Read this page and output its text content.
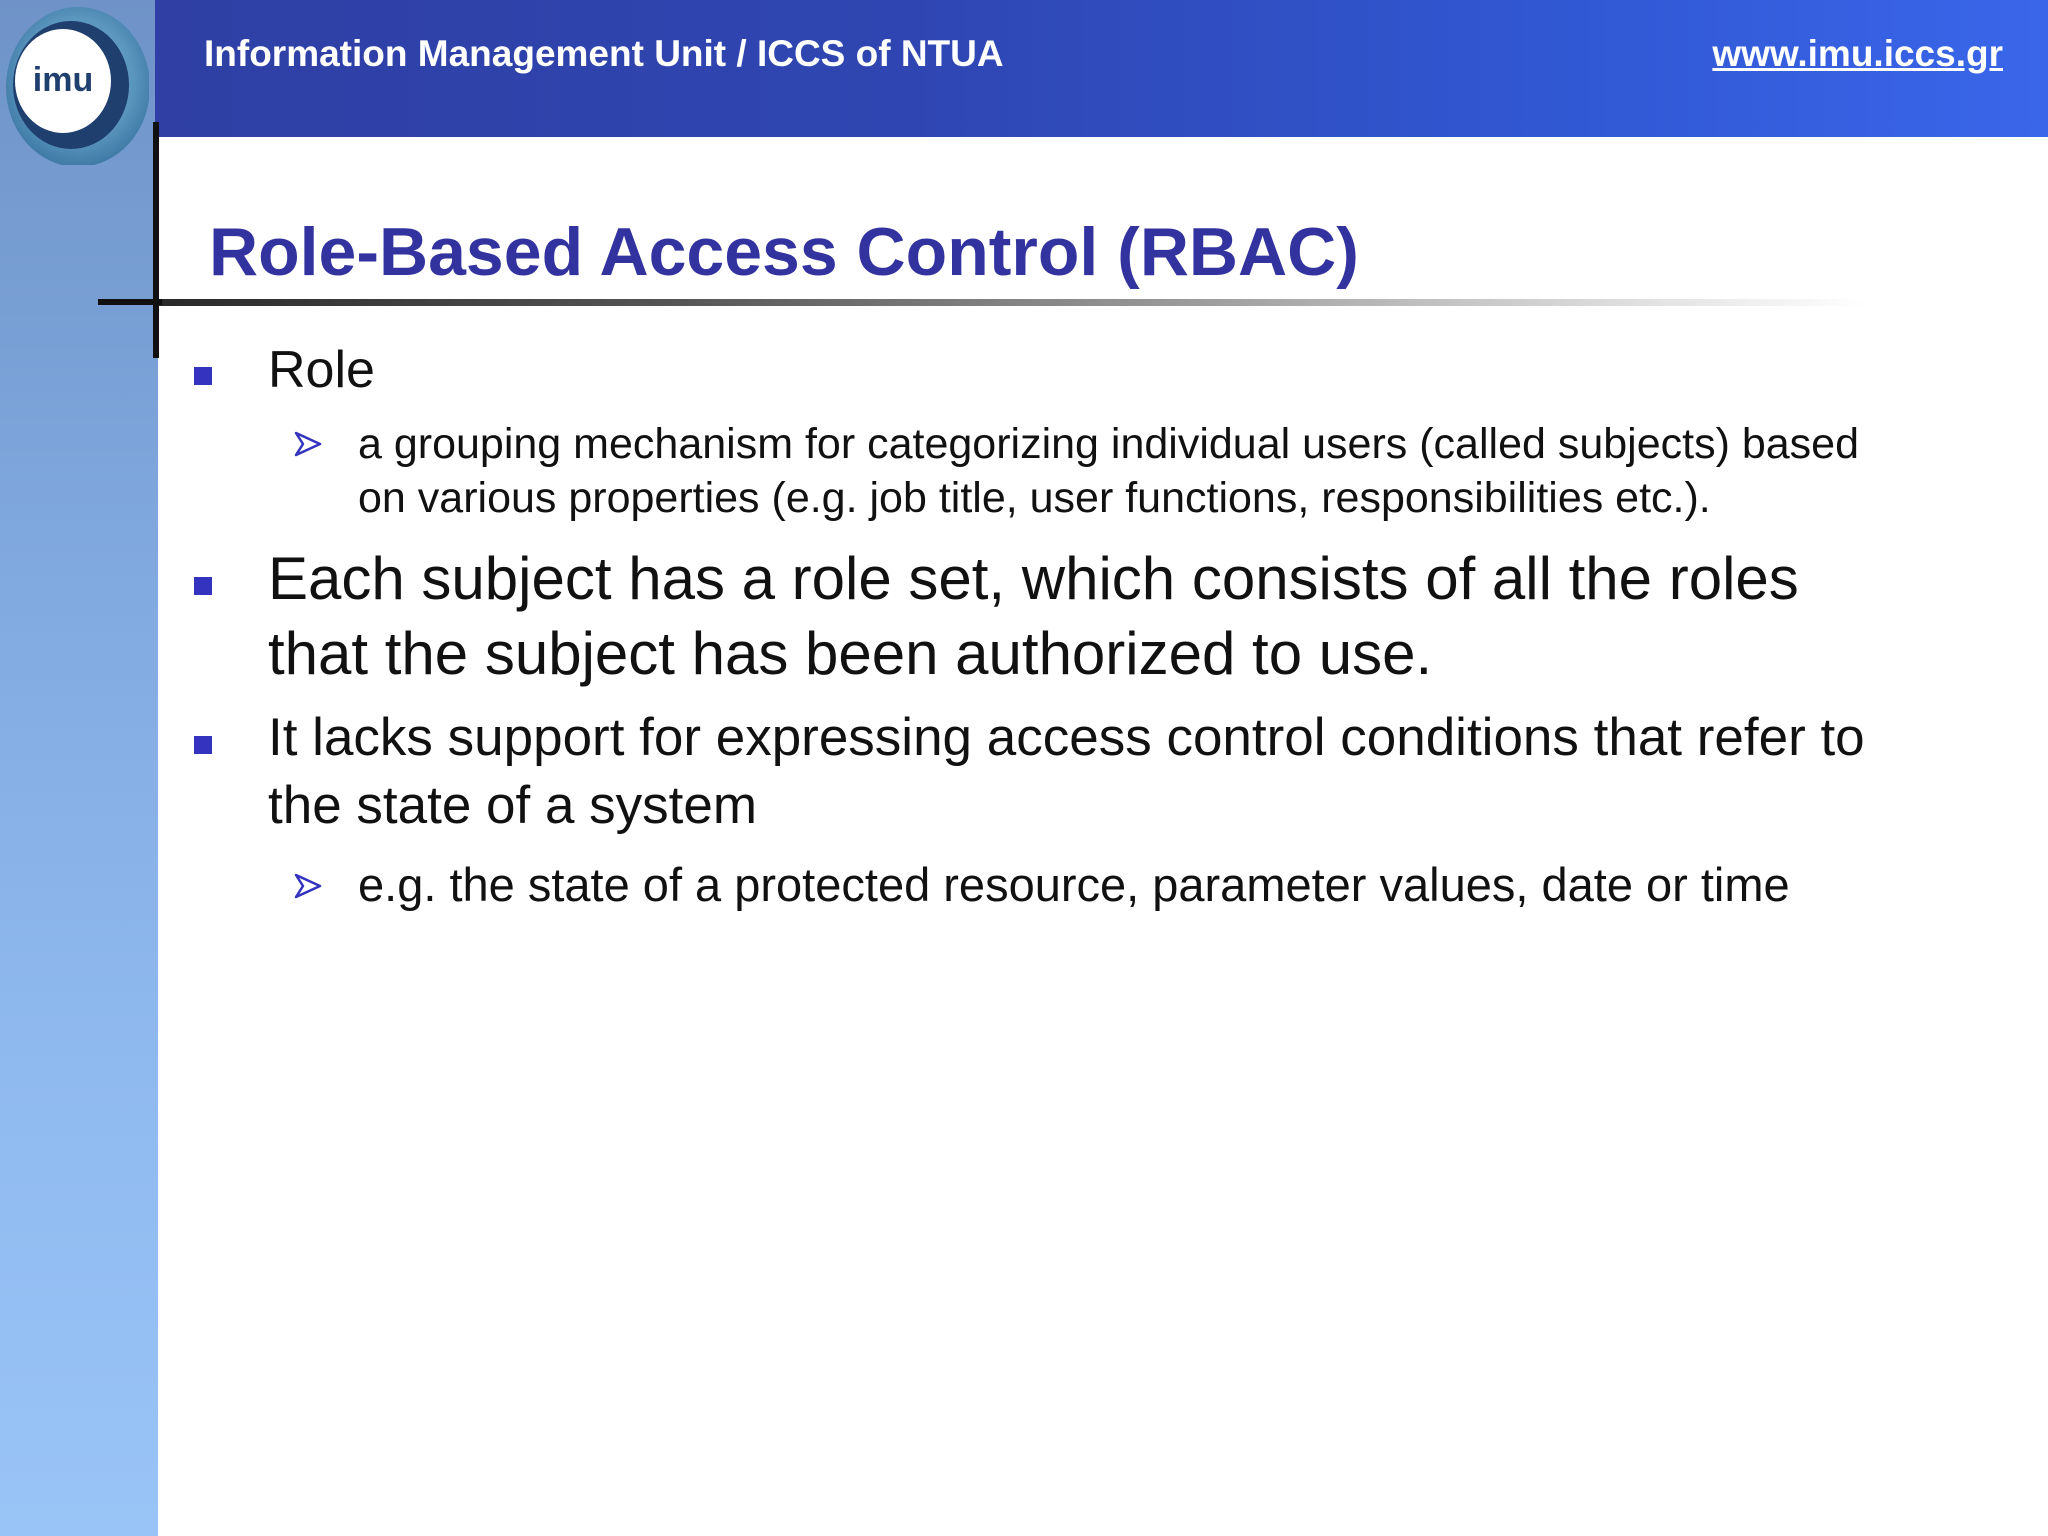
Information Management Unit / ICCS of NTUA	www.imu.iccs.gr
imu
Role-Based Access Control (RBAC)
Role
a grouping mechanism for categorizing individual users (called subjects) based
on various properties (e.g. job title, user functions, responsibilities etc.).
Each subject has a role set, which consists of all the roles
that the subject has been authorized to use.
It lacks support for expressing access control conditions that refer to
the state of a system
e.g. the state of a protected resource, parameter values, date or time
